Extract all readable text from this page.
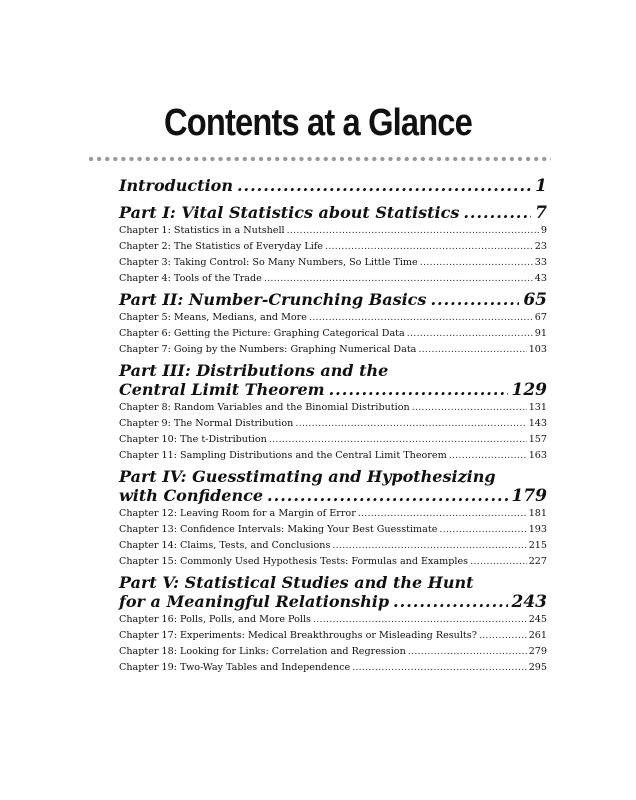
Contents at a Glance
Introduction .....	1
Part I: Vital Statistics about Statistics .....	7
Chapter 1: Statistics in a Nutshell .....	9
Chapter 2: The Statistics of Everyday Life .....	23
Chapter 3: Taking Control: So Many Numbers, So Little Time .....	33
Chapter 4: Tools of the Trade .....	43
Part II: Number-Crunching Basics .....	65
Chapter 5: Means, Medians, and More .....	67
Chapter 6: Getting the Picture: Graphing Categorical Data .....	91
Chapter 7: Going by the Numbers: Graphing Numerical Data .....	103
Part III: Distributions and the
Central Limit Theorem .....	129
Chapter 8: Random Variables and the Binomial Distribution .....	131
Chapter 9: The Normal Distribution .....	143
Chapter 10: The t-Distribution .....	157
Chapter 11: Sampling Distributions and the Central Limit Theorem .....	163
Part IV: Guesstimating and Hypothesizing
with Confidence .....	179
Chapter 12: Leaving Room for a Margin of Error .....	181
Chapter 13: Confidence Intervals: Making Your Best Guesstimate .....	193
Chapter 14: Claims, Tests, and Conclusions .....	215
Chapter 15: Commonly Used Hypothesis Tests: Formulas and Examples .....	227
Part V: Statistical Studies and the Hunt
for a Meaningful Relationship .....	243
Chapter 16: Polls, Polls, and More Polls .....	245
Chapter 17: Experiments: Medical Breakthroughs or Misleading Results? .....	261
Chapter 18: Looking for Links: Correlation and Regression .....	279
Chapter 19: Two-Way Tables and Independence .....	295
